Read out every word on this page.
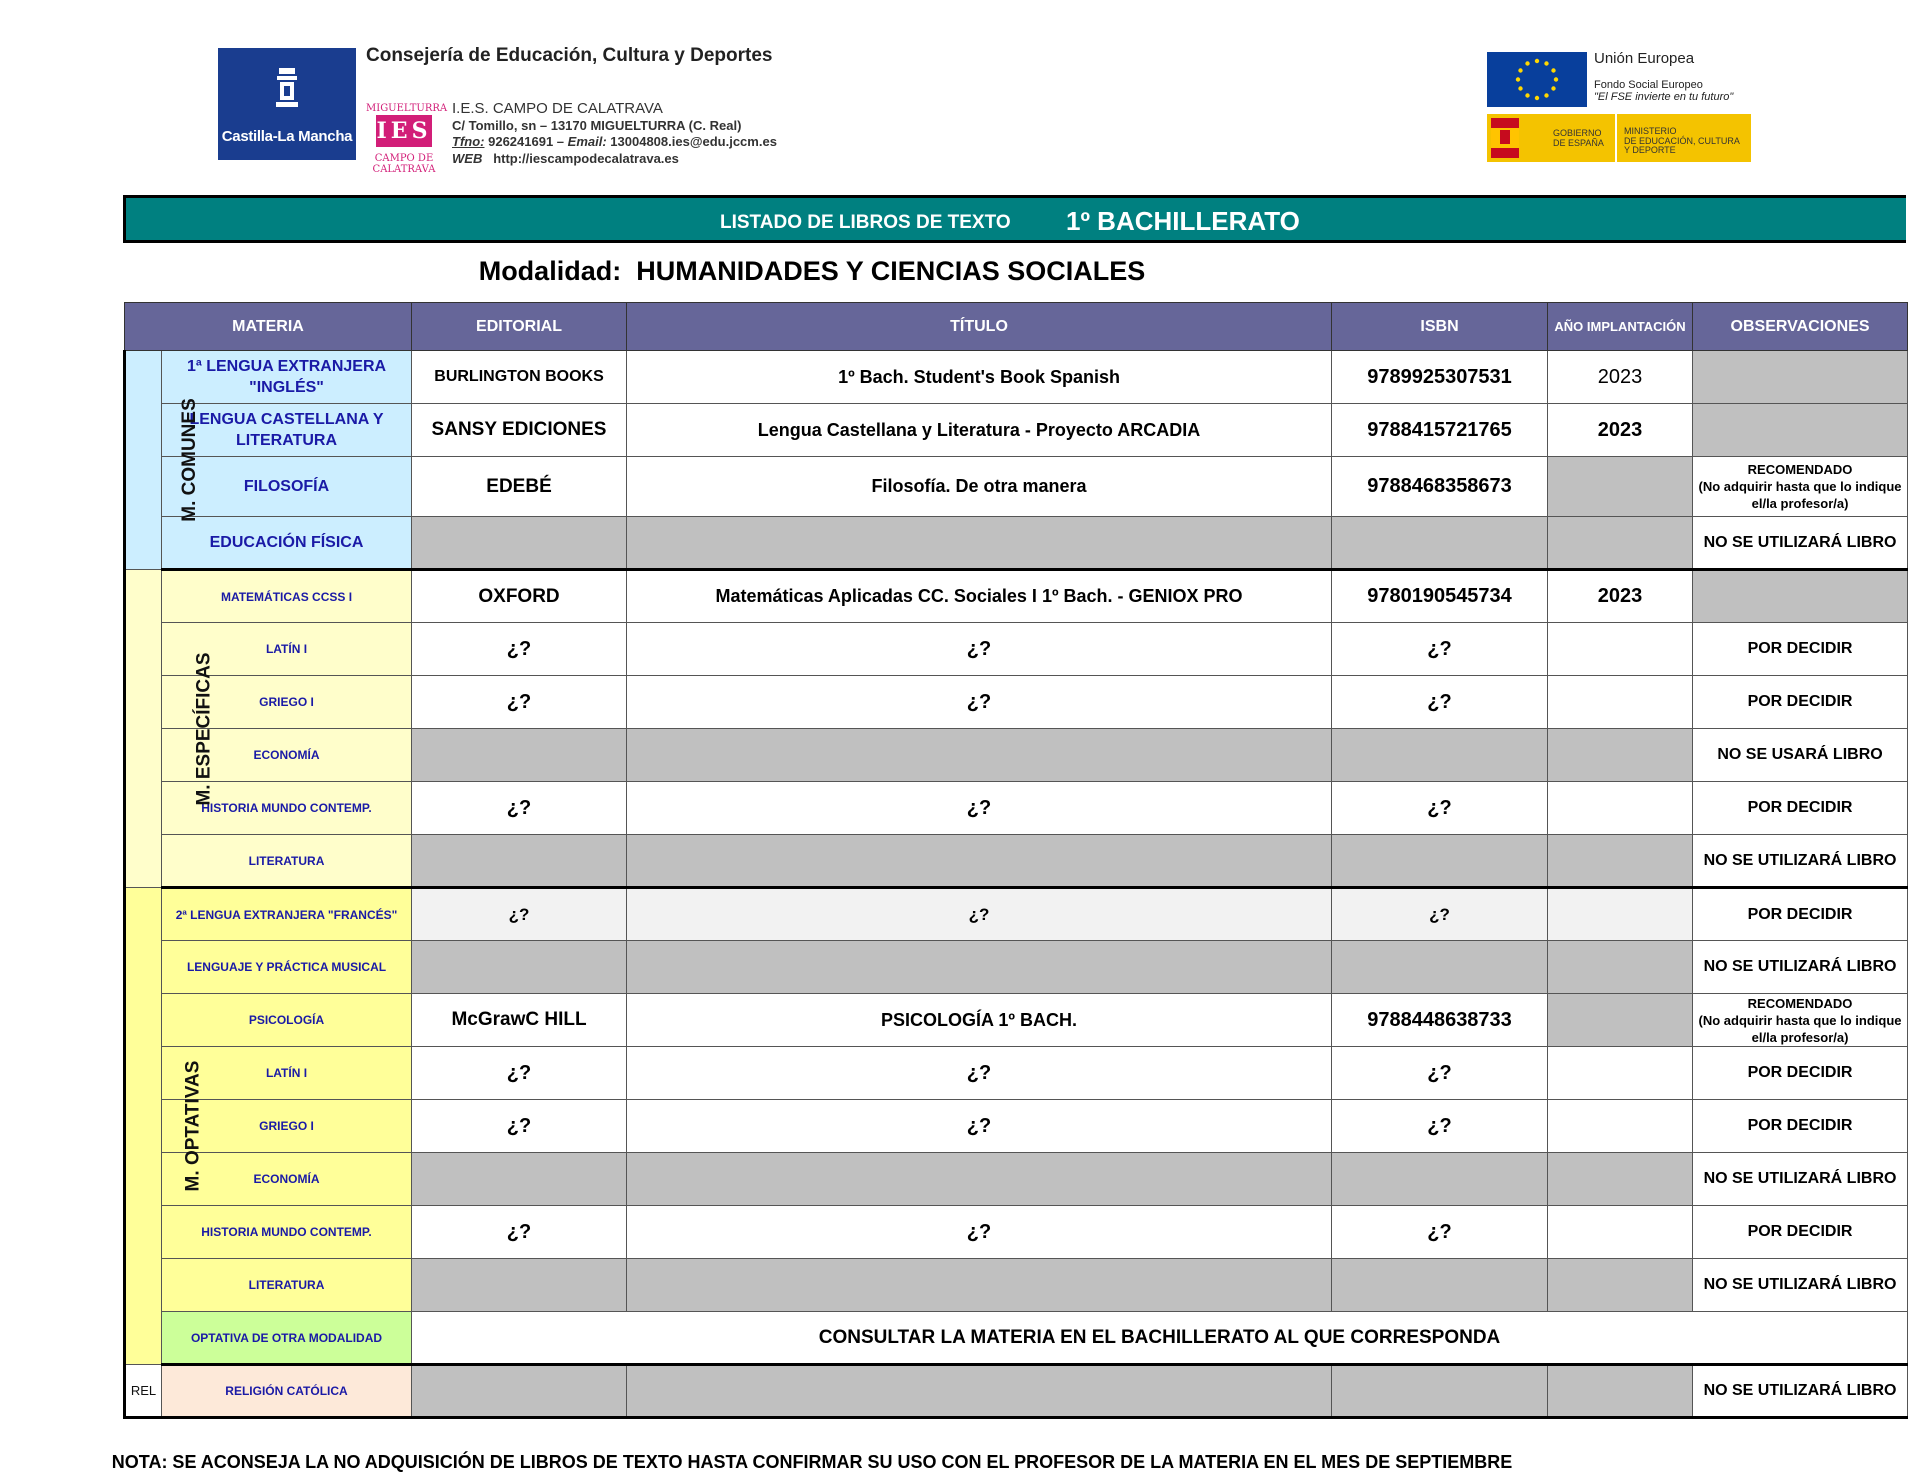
Castilla-La Mancha
Consejería de Educación, Cultura y Deportes
MIGUELTURRA
IES
CAMPO DE CALATRAVA
I.E.S. CAMPO DE CALATRAVA
C/ Tomillo, sn – 13170 MIGUELTURRA (C. Real)
Tfno: 926241691 – Email: 13004808.ies@edu.jccm.es
WEB http://iescampodecalatrava.es
Unión Europea
Fondo Social Europeo
"El FSE invierte en tu futuro"
GOBIERNO
DE ESPAÑA
MINISTERIO
DE EDUCACIÓN, CULTURA
Y DEPORTE
LISTADO DE LIBROS DE TEXTO 1º BACHILLERATO
Modalidad: HUMANIDADES Y CIENCIAS SOCIALES
MATERIA		EDITORIAL	TÍTULO	ISBN	AÑO IMPLANTACIÓN	OBSERVACIONES
M. COMUNES	1ª LENGUA EXTRANJERA "INGLÉS"	BURLINGTON BOOKS	1º Bach. Student's Book Spanish	9789925307531	2023	
	LENGUA CASTELLANA Y LITERATURA	SANSY EDICIONES	Lengua Castellana y Literatura - Proyecto ARCADIA	9788415721765	2023	
	FILOSOFÍA	EDEBÉ	Filosofía. De otra manera	9788468358673		RECOMENDADO
(No adquirir hasta que lo indique
el/la profesor/a)

	EDUCACIÓN FÍSICA					NO SE UTILIZARÁ LIBRO
M. ESPECÍFICAS	MATEMÁTICAS CCSS I	OXFORD	Matemáticas Aplicadas CC. Sociales I 1º Bach. - GENIOX PRO	9780190545734	2023	
	LATÍN I	¿?	¿?	¿?		POR DECIDIR
	GRIEGO I	¿?	¿?	¿?		POR DECIDIR
	ECONOMÍA					NO SE USARÁ LIBRO
	HISTORIA MUNDO CONTEMP.	¿?	¿?	¿?		POR DECIDIR
	LITERATURA					NO SE UTILIZARÁ LIBRO
M. OPTATIVAS	2ª LENGUA EXTRANJERA "FRANCÉS"	¿?	¿?	¿?		POR DECIDIR
	LENGUAJE Y PRÁCTICA MUSICAL					NO SE UTILIZARÁ LIBRO
	PSICOLOGÍA	McGrawC HILL	PSICOLOGÍA 1º BACH.	9788448638733		RECOMENDADO
(No adquirir hasta que lo indique
el/la profesor/a)

	LATÍN I	¿?	¿?	¿?		POR DECIDIR
	GRIEGO I	¿?	¿?	¿?		POR DECIDIR
	ECONOMÍA					NO SE UTILIZARÁ LIBRO
	HISTORIA MUNDO CONTEMP.	¿?	¿?	¿?		POR DECIDIR
	LITERATURA					NO SE UTILIZARÁ LIBRO
	OPTATIVA DE OTRA MODALIDAD	CONSULTAR LA MATERIA EN EL BACHILLERATO AL QUE CORRESPONDA				
REL	RELIGIÓN CATÓLICA					NO SE UTILIZARÁ LIBRO
NOTA: SE ACONSEJA LA NO ADQUISICIÓN DE LIBROS DE TEXTO HASTA CONFIRMAR SU USO CON EL PROFESOR DE LA MATERIA EN EL MES DE SEPTIEMBRE
